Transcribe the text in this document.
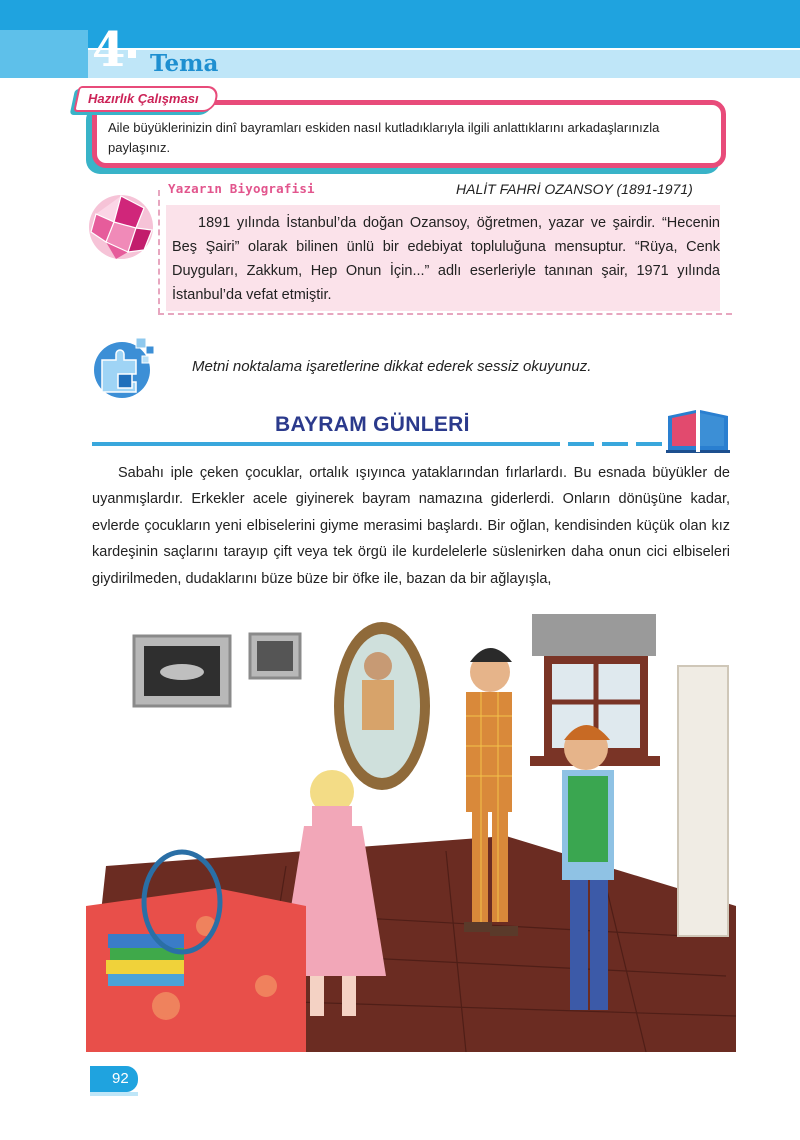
4 Tema
Hazırlık Çalışması
Aile büyüklerinizin dinî bayramları eskiden nasıl kutladıklarıyla ilgili anlattıklarını arkadaşlarınızla paylaşınız.
Yazarın Biyografisi	HALİT FAHRİ OZANSOY (1891-1971)
1891 yılında İstanbul’da doğan Ozansoy, öğretmen, yazar ve şairdir. “Hecenin Beş Şairi” olarak bilinen ünlü bir edebiyat topluluğuna mensuptur. “Rüya, Cenk Duyguları, Zakkum, Hep Onun İçin...” adlı eserleriyle tanınan şair, 1971 yılında İstanbul’da vefat etmiştir.
Metni noktalama işaretlerine dikkat ederek sessiz okuyunuz.
BAYRAM GÜNLERİ
Sabahı iple çeken çocuklar, ortalık ışıyınca yataklarından fırlarlardı. Bu esnada büyükler de uyanmışlardır. Erkekler acele giyinerek bayram namazına giderlerdi. Onların dönüşüne kadar, evlerde çocukların yeni elbiselerini giyme merasimi başlardı. Bir oğlan, kendisinden küçük olan kız kardeşinin saçlarını tarayıp çift veya tek örgü ile kurdelelerle süslenirken daha onun cici elbiseleri giydirilmeden, dudaklarını büze büze bir öfke ile, bazan da bir ağlayışla,
92
